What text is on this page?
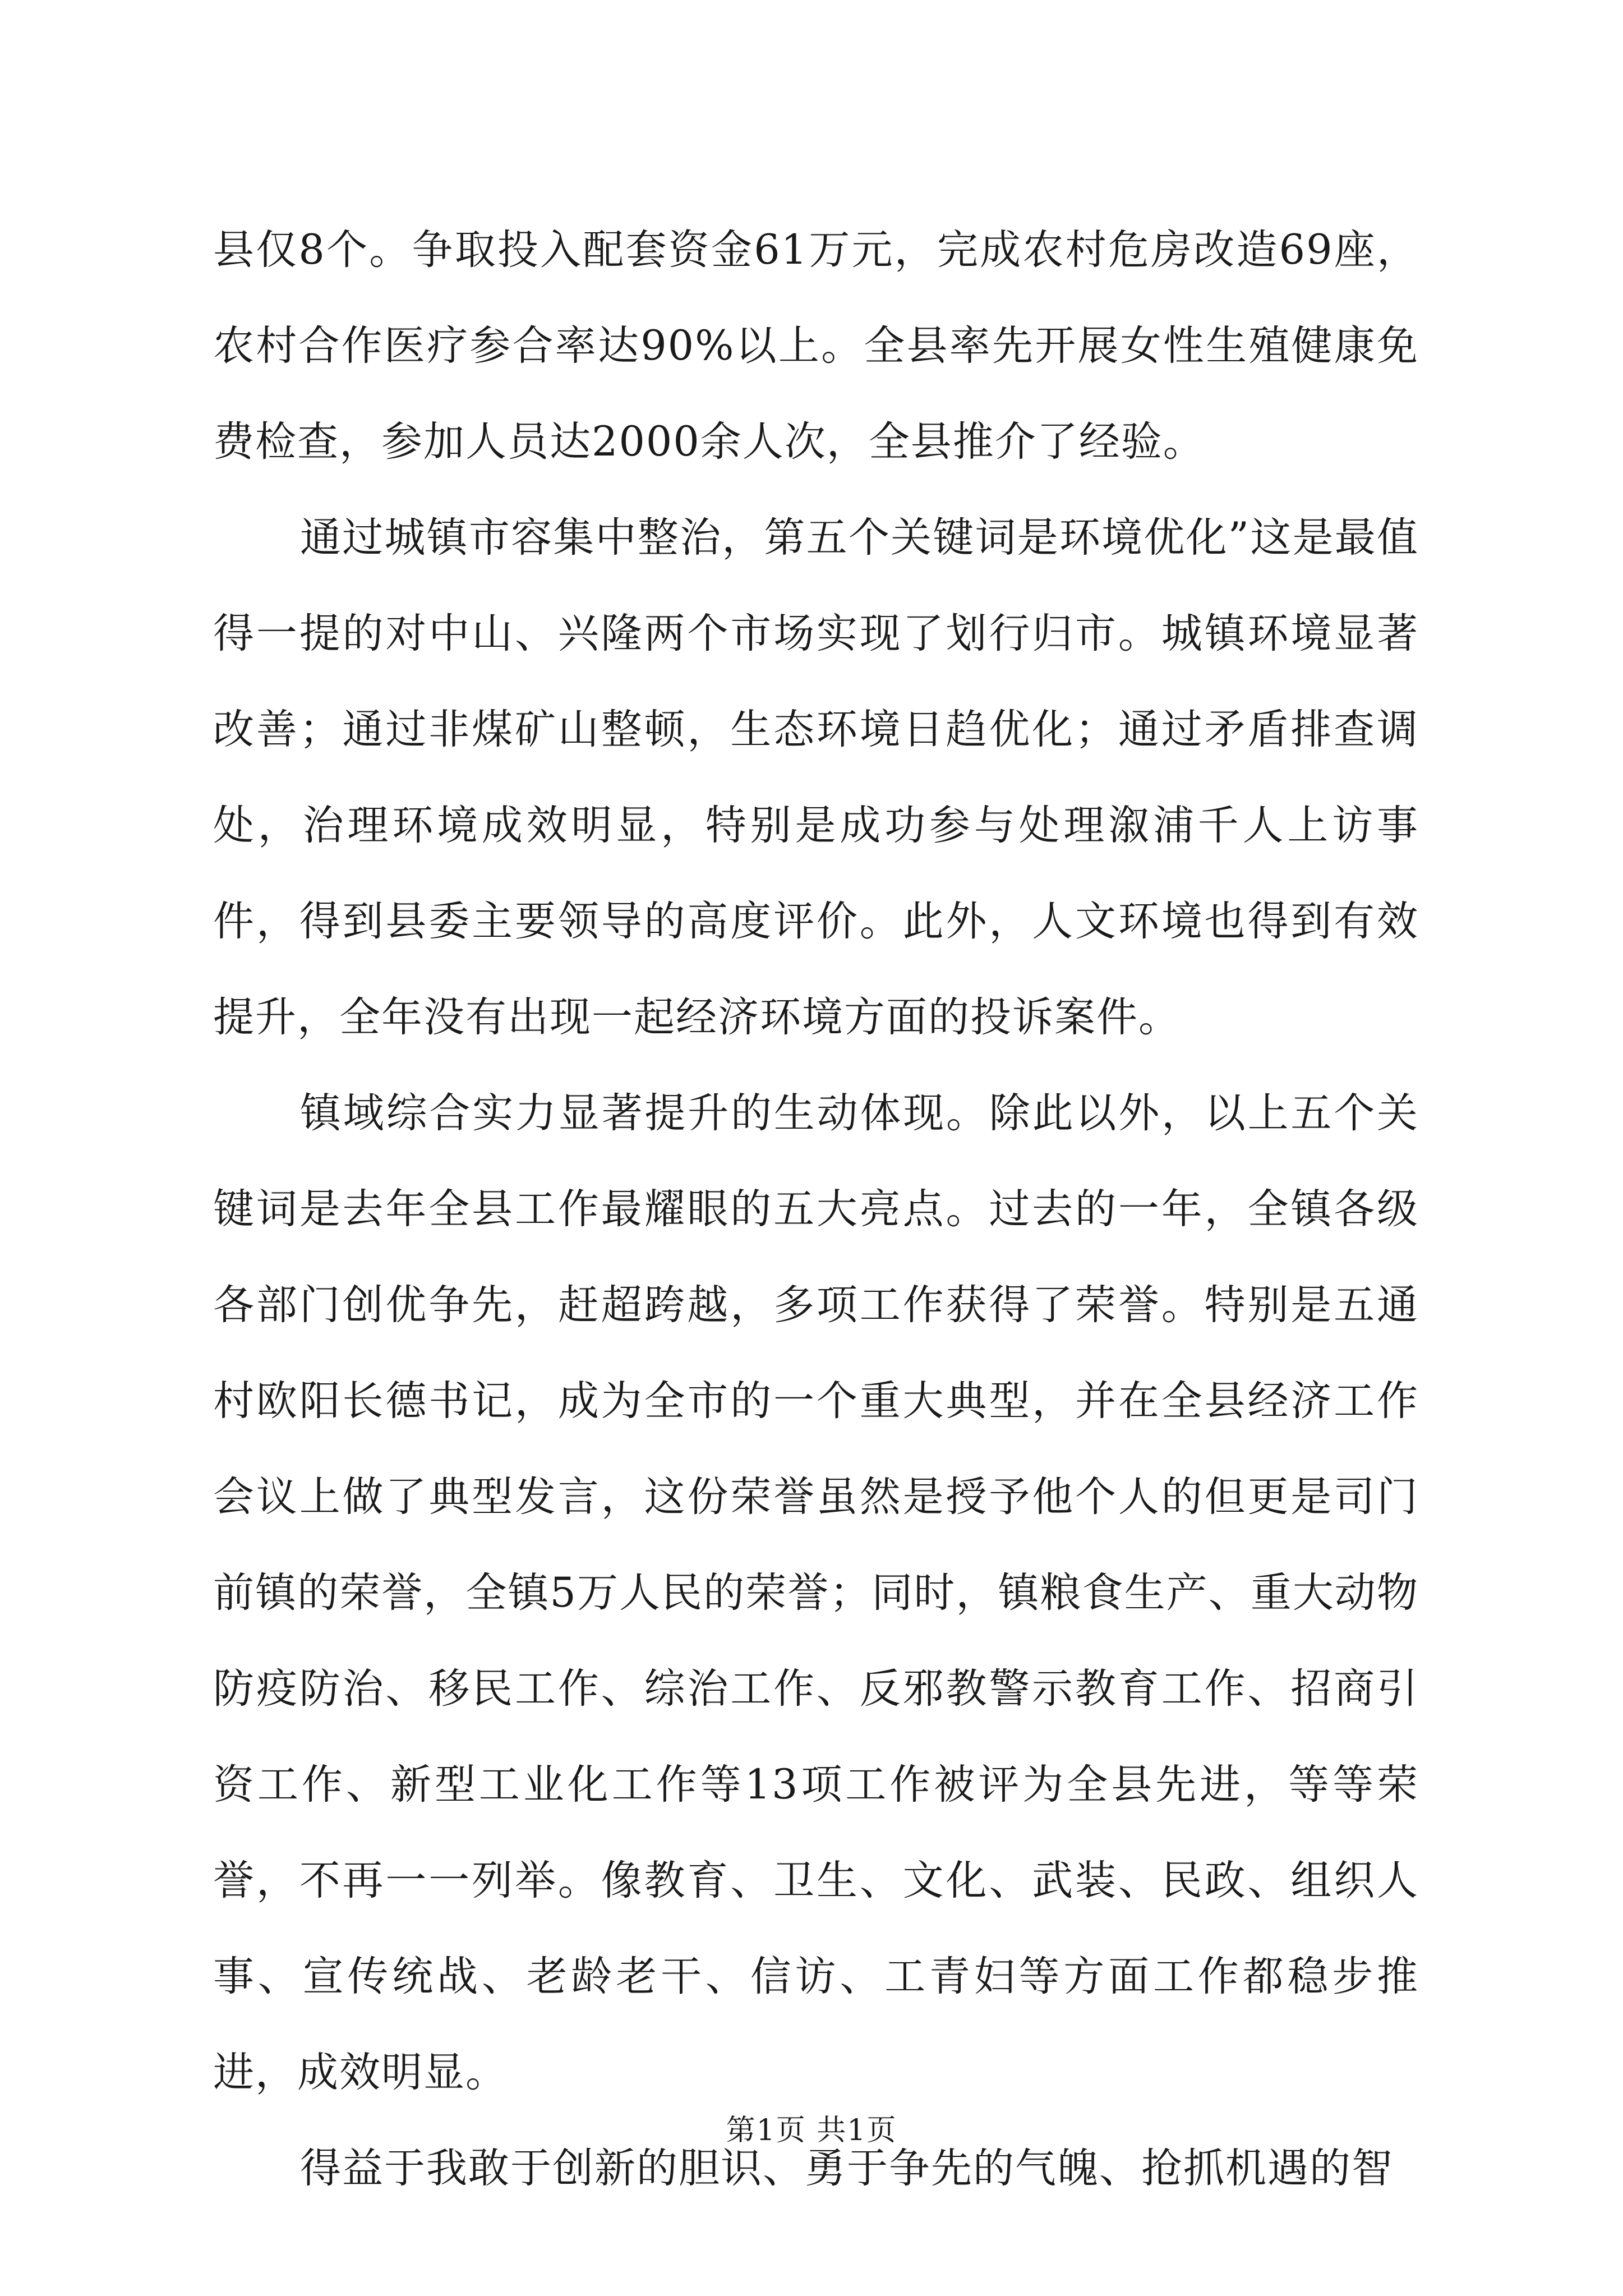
县仅8个。争取投入配套资金61万元，完成农村危房改造69座，农村合作医疗参合率达90%以上。全县率先开展女性生殖健康免费检查，参加人员达2000余人次，全县推介了经验。

通过城镇市容集中整治，第五个关键词是环境优化”这是最值得一提的对中山、兴隆两个市场实现了划行归市。城镇环境显著改善；通过非煤矿山整顿，生态环境日趋优化；通过矛盾排查调处，治理环境成效明显，特别是成功参与处理溆浦千人上访事件，得到县委主要领导的高度评价。此外，人文环境也得到有效提升，全年没有出现一起经济环境方面的投诉案件。

镇域综合实力显著提升的生动体现。除此以外，以上五个关键词是去年全县工作最耀眼的五大亮点。过去的一年，全镇各级各部门创优争先，赶超跨越，多项工作获得了荣誉。特别是五通村欧阳长德书记，成为全市的一个重大典型，并在全县经济工作会议上做了典型发言，这份荣誉虽然是授予他个人的但更是司门前镇的荣誉，全镇5万人民的荣誉；同时，镇粮食生产、重大动物防疫防治、移民工作、综治工作、反邪教警示教育工作、招商引资工作、新型工业化工作等13项工作被评为全县先进，等等荣誉，不再一一列举。像教育、卫生、文化、武装、民政、组织人事、宣传统战、老龄老干、信访、工青妇等方面工作都稳步推进，成效明显。

得益于我敢于创新的胆识、勇于争先的气魄、抢抓机遇的智

第1页 共1页
